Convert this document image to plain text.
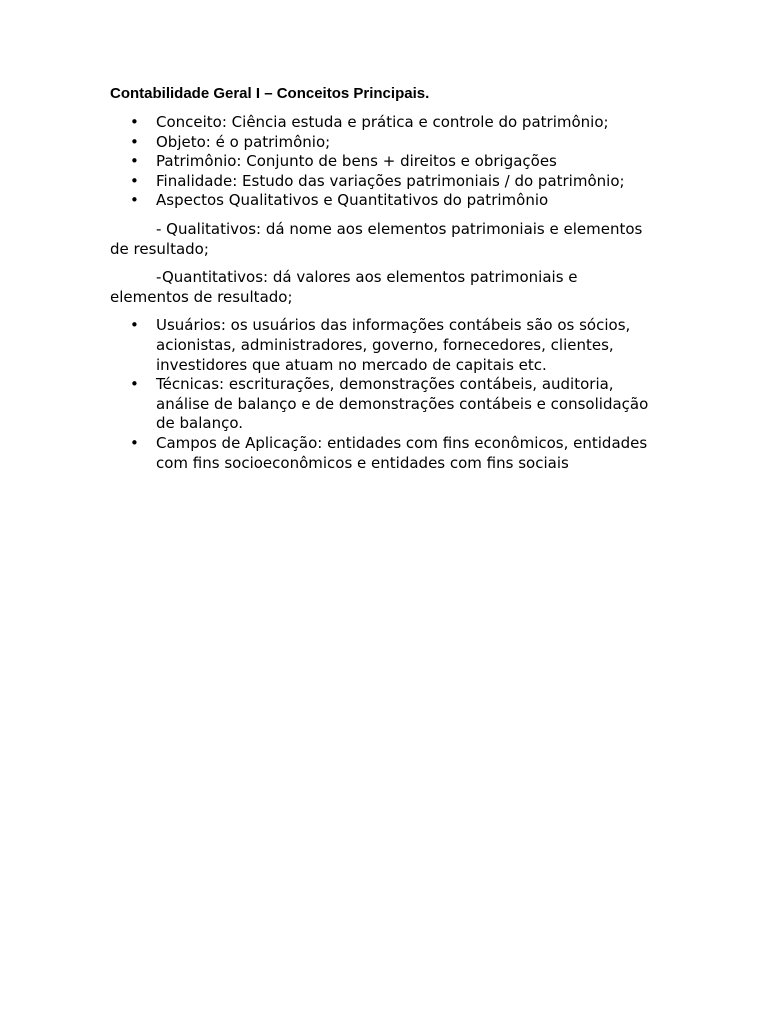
Contabilidade Geral I – Conceitos Principais.
• Conceito: Ciência estuda e prática e controle do patrimônio;
• Objeto: é o patrimônio;
• Patrimônio: Conjunto de bens + direitos e obrigações
• Finalidade: Estudo das variações patrimoniais / do patrimônio;
• Aspectos Qualitativos e Quantitativos do patrimônio

- Qualitativos: dá nome aos elementos patrimoniais e elementos de resultado;

-Quantitativos: dá valores aos elementos patrimoniais e elementos de resultado;

• Usuários: os usuários das informações contábeis são os sócios, acionistas, administradores, governo, fornecedores, clientes, investidores que atuam no mercado de capitais etc.
• Técnicas: escriturações, demonstrações contábeis, auditoria, análise de balanço e de demonstrações contábeis e consolidação de balanço.
• Campos de Aplicação: entidades com fins econômicos, entidades com fins socioeconômicos e entidades com fins sociais
